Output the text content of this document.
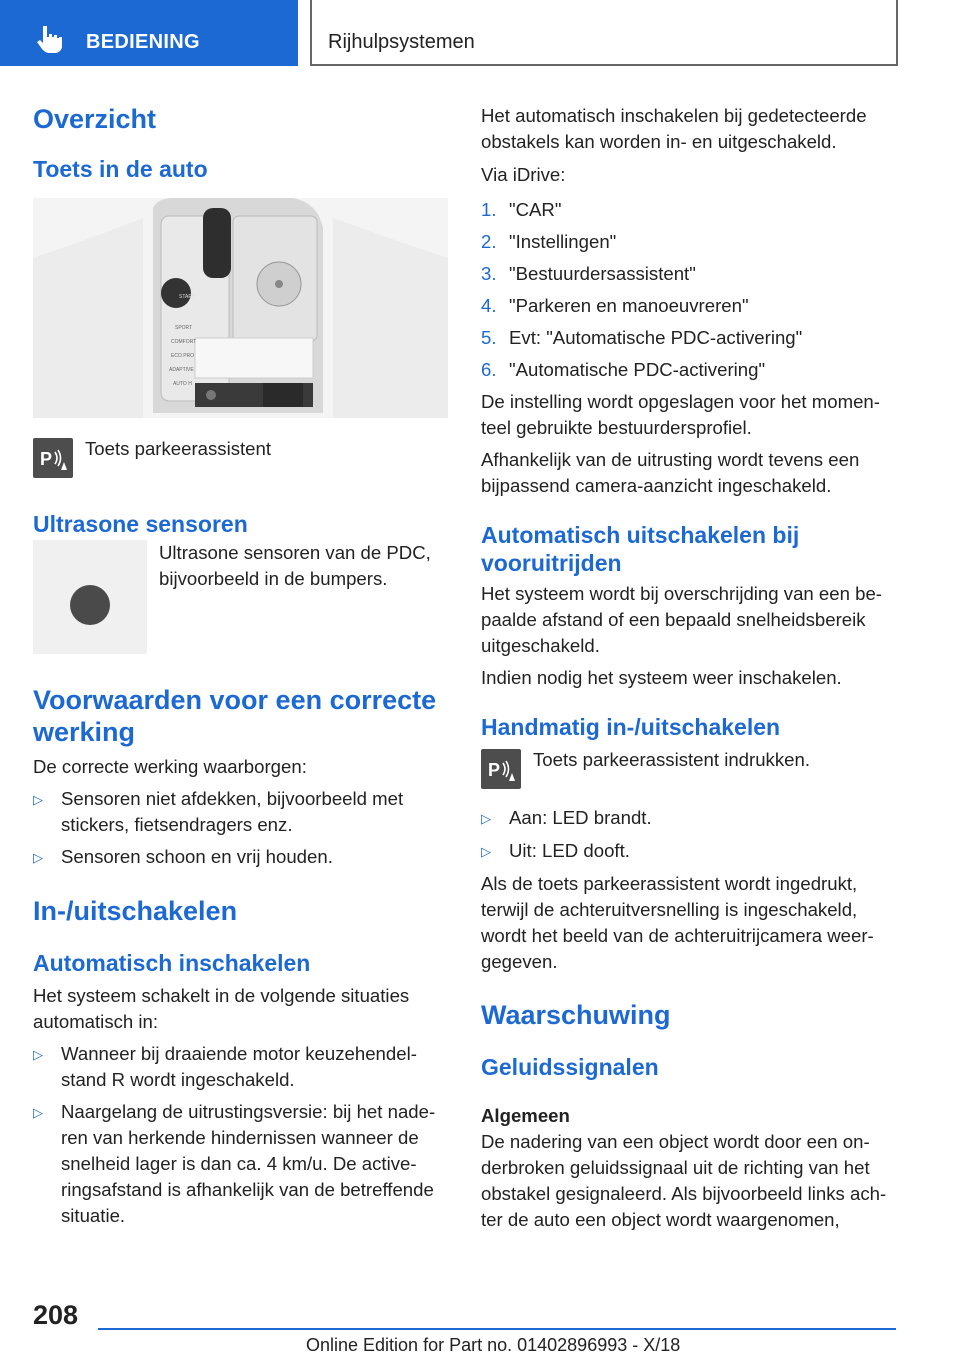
BEDIENING	Rijhulpsystemen
Overzicht
Toets in de auto
START
SPORT
COMFORT
ECO PRO
ADAPTIVE
AUTO H
P Toets parkeerassistent
Ultrasone sensoren

Ultrasone sensoren van de PDC, bijvoorbeeld in de bumpers.

Voorwaarden voor een correcte werking

De correcte werking waarborgen:

▷ Sensoren niet afdekken, bijvoorbeeld met stickers, fietsendragers enz.
▷ Sensoren schoon en vrij houden.
In-/uitschakelen
Automatisch inschakelen

Het systeem schakelt in de volgende situaties automatisch in:

▷ Wanneer bij draaiende motor keuzehendel-stand R wordt ingeschakeld.
▷ Naargelang de uitrustingsversie: bij het nade-ren van herkende hindernissen wanneer de snelheid lager is dan ca. 4 km/u. De active-ringsafstand is afhankelijk van de betreffende situatie.

Het automatisch inschakelen bij gedetecteerde obstakels kan worden in- en uitgeschakeld.

Via iDrive:

1. "CAR"
2. "Instellingen"
3. "Bestuurdersassistent"
4. "Parkeren en manoeuvreren"
5. Evt: "Automatische PDC-activering"
6. "Automatische PDC-activering"

De instelling wordt opgeslagen voor het momen-teel gebruikte bestuurdersprofiel.

Afhankelijk van de uitrusting wordt tevens een bijpassend camera-aanzicht ingeschakeld.

Automatisch uitschakelen bij vooruitrijden

Het systeem wordt bij overschrijding van een be-paalde afstand of een bepaald snelheidsbereik uitgeschakeld.

Indien nodig het systeem weer inschakelen.

Handmatig in-/uitschakelen
P Toets parkeerassistent indrukken.
▷ Aan: LED brandt.
▷ Uit: LED dooft.

Als de toets parkeerassistent wordt ingedrukt, terwijl de achteruitversnelling is ingeschakeld, wordt het beeld van de achteruitrijcamera weer-gegeven.

Waarschuwing
Geluidssignalen
Algemeen

De nadering van een object wordt door een on-derbroken geluidssignaal uit de richting van het obstakel gesignaleerd. Als bijvoorbeeld links ach-ter de auto een object wordt waargenomen,

208
Online Edition for Part no. 01402896993 - X/18
